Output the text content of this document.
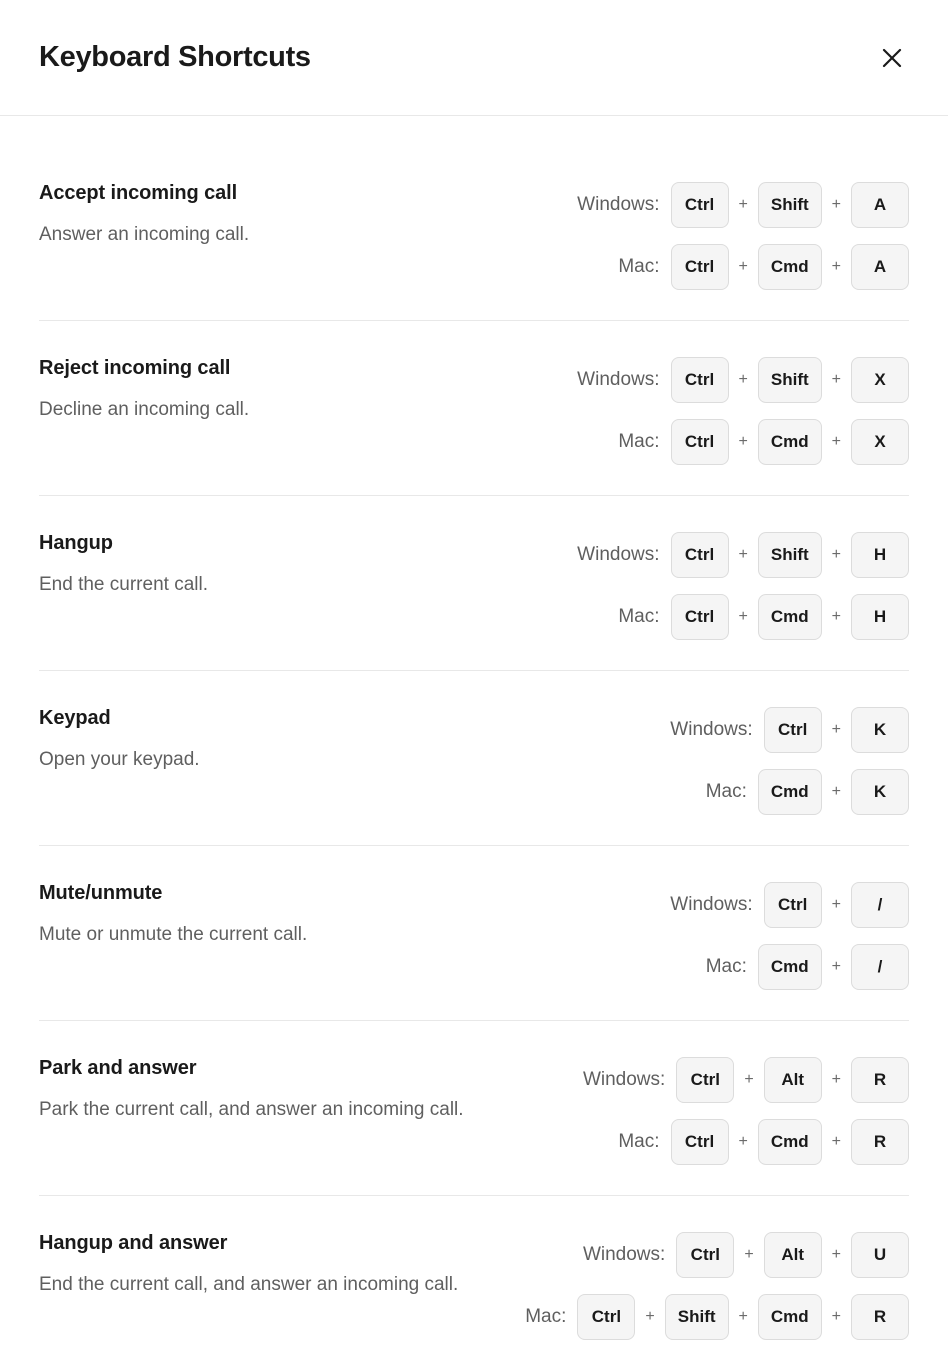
Keyboard Shortcuts
Accept incoming call
Answer an incoming call.
Windows:	Ctrl	+	Shift	+	A
Mac:	Ctrl	+	Cmd	+	A
Reject incoming call
Decline an incoming call.
Windows:	Ctrl	+	Shift	+	X
Mac:	Ctrl	+	Cmd	+	X
Hangup
End the current call.
Windows:	Ctrl	+	Shift	+	H
Mac:	Ctrl	+	Cmd	+	H
Keypad
Open your keypad.
Windows:	Ctrl	+	K
Mac:	Cmd	+	K
Mute/unmute
Mute or unmute the current call.
Windows:	Ctrl	+	/
Mac:	Cmd	+	/
Park and answer
Park the current call, and answer an incoming call.
Windows:	Ctrl	+	Alt	+	R
Mac:	Ctrl	+	Cmd	+	R
Hangup and answer
End the current call, and answer an incoming call.
Windows:	Ctrl	+	Alt	+	U
Mac:	Ctrl	+	Shift	+	Cmd	+	R
